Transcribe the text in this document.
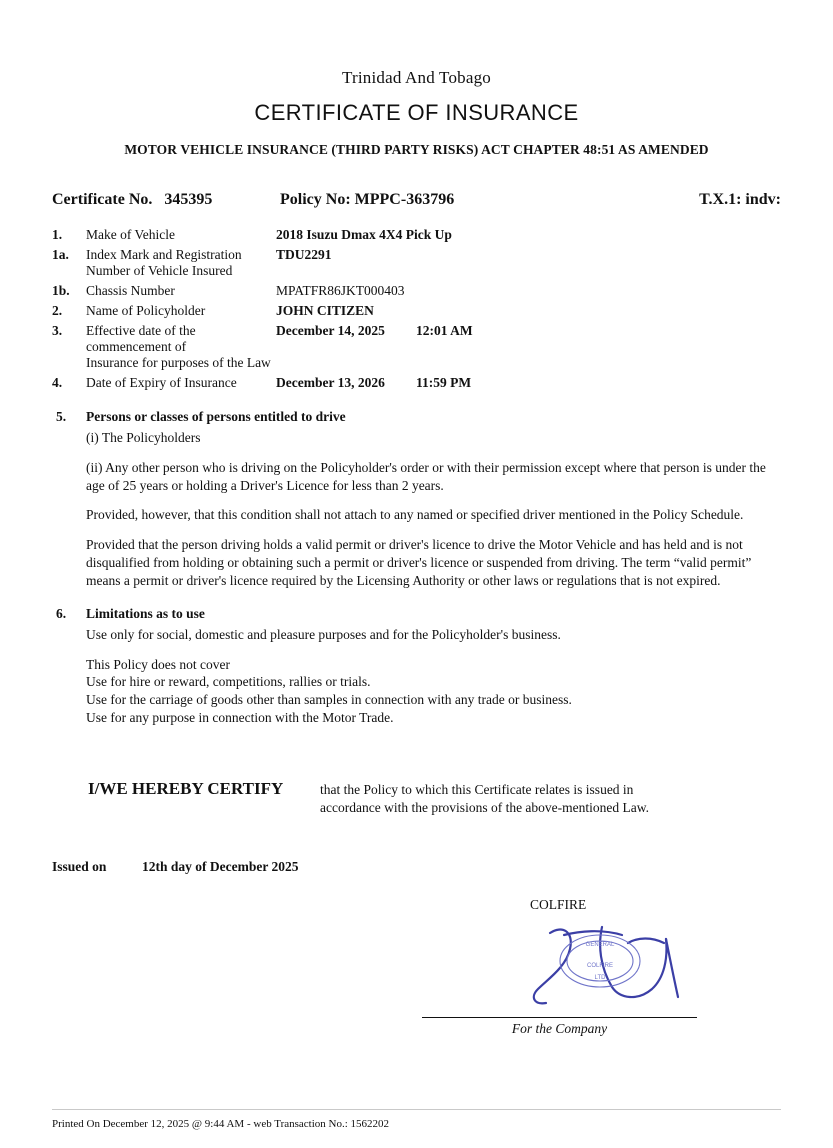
Trinidad And Tobago
CERTIFICATE OF INSURANCE
MOTOR VEHICLE INSURANCE (THIRD PARTY RISKS) ACT CHAPTER 48:51 AS AMENDED
Certificate No. 345395	Policy No: MPPC-363796	T.X.1: indv:
1.	Make of Vehicle	2018 Isuzu Dmax 4X4 Pick Up
1a.	Index Mark and Registration
Number of Vehicle Insured	TDU2291
1b.	Chassis Number	MPATFR86JKT000403
2.	Name of Policyholder	JOHN CITIZEN
3.	Effective date of the commencement of
Insurance for purposes of the Law	December 14, 2025 12:01 AM
4.	Date of Expiry of Insurance	December 13, 2026 11:59 PM
5. Persons or classes of persons entitled to drive
(i) The Policyholders
(ii) Any other person who is driving on the Policyholder's order or with their permission except where that person is under the age of 25 years or holding a Driver's Licence for less than 2 years.
Provided, however, that this condition shall not attach to any named or specified driver mentioned in the Policy Schedule.
Provided that the person driving holds a valid permit or driver's licence to drive the Motor Vehicle and has held and is not disqualified from holding or obtaining such a permit or driver's licence or suspended from driving. The term “valid permit” means a permit or driver's licence required by the Licensing Authority or other laws or regulations that is not expired.
6. Limitations as to use
Use only for social, domestic and pleasure purposes and for the Policyholder's business.
This Policy does not cover
Use for hire or reward, competitions, rallies or trials.
Use for the carriage of goods other than samples in connection with any trade or business.
Use for any purpose in connection with the Motor Trade.
I/WE HEREBY CERTIFY	that the Policy to which this Certificate relates is issued in accordance with the provisions of the above-mentioned Law.
Issued on	12th day of December 2025
COLFIRE
GENERAL
COLFIRE
LTD
For the Company
Printed On December 12, 2025 @ 9:44 AM - web Transaction No.: 1562202
